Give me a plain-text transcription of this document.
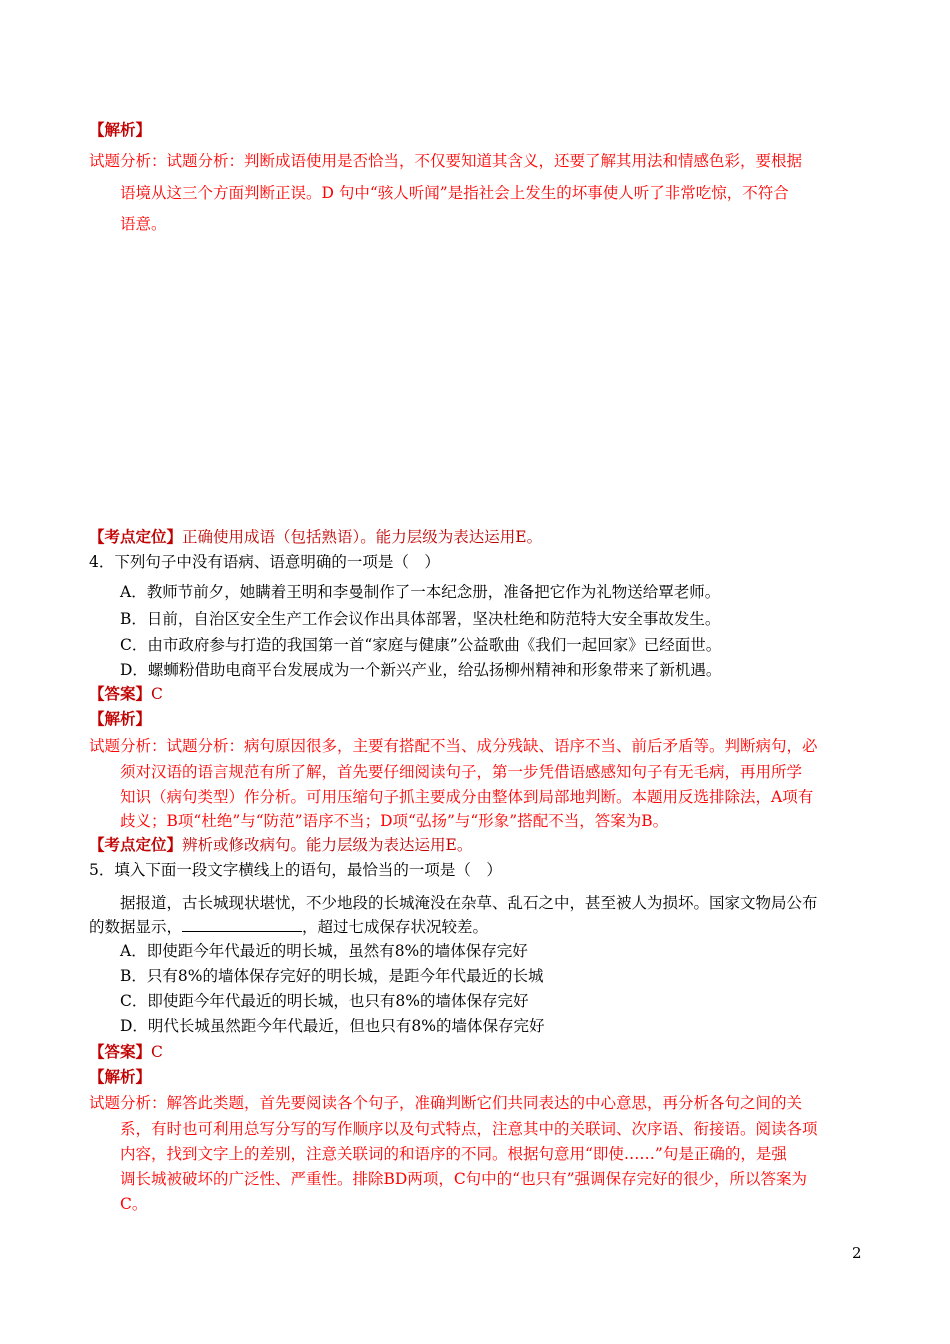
【解析】
试题分析：试题分析：判断成语使用是否恰当，不仅要知道其含义，还要了解其用法和情感色彩，要根据
语境从这三个方面判断正误。D 句中“骇人听闻”是指社会上发生的坏事使人听了非常吃惊，不符合
语意。
【考点定位】正确使用成语（包括熟语）。能力层级为表达运用E。
4．下列句子中没有语病、语意明确的一项是（　）
A．教师节前夕，她瞒着王明和李曼制作了一本纪念册，准备把它作为礼物送给覃老师。
B．日前，自治区安全生产工作会议作出具体部署，坚决杜绝和防范特大安全事故发生。
C．由市政府参与打造的我国第一首“家庭与健康”公益歌曲《我们一起回家》已经面世。
D．螺蛳粉借助电商平台发展成为一个新兴产业，给弘扬柳州精神和形象带来了新机遇。
【答案】C
【解析】
试题分析：试题分析：病句原因很多，主要有搭配不当、成分残缺、语序不当、前后矛盾等。判断病句，必
须对汉语的语言规范有所了解，首先要仔细阅读句子，第一步凭借语感感知句子有无毛病，再用所学
知识（病句类型）作分析。可用压缩句子抓主要成分由整体到局部地判断。本题用反选排除法，A项有
歧义；B项“杜绝”与“防范”语序不当；D项“弘扬”与“形象”搭配不当，答案为B。
【考点定位】辨析或修改病句。能力层级为表达运用E。
5．填入下面一段文字横线上的语句，最恰当的一项是（　）
据报道，古长城现状堪忧，不少地段的长城淹没在杂草、乱石之中，甚至被人为损坏。国家文物局公布
的数据显示，	，超过七成保存状况较差。
A．即使距今年代最近的明长城，虽然有8%的墙体保存完好
B．只有8%的墙体保存完好的明长城，是距今年代最近的长城
C．即使距今年代最近的明长城，也只有8%的墙体保存完好
D．明代长城虽然距今年代最近，但也只有8%的墙体保存完好
【答案】C
【解析】
试题分析：解答此类题，首先要阅读各个句子，准确判断它们共同表达的中心意思，再分析各句之间的关
系，有时也可利用总写分写的写作顺序以及句式特点，注意其中的关联词、次序语、衔接语。阅读各项
内容，找到文字上的差别，注意关联词的和语序的不同。根据句意用“即使……”句是正确的，是强
调长城被破坏的广泛性、严重性。排除BD两项，C句中的“也只有”强调保存完好的很少，所以答案为
C。
2
